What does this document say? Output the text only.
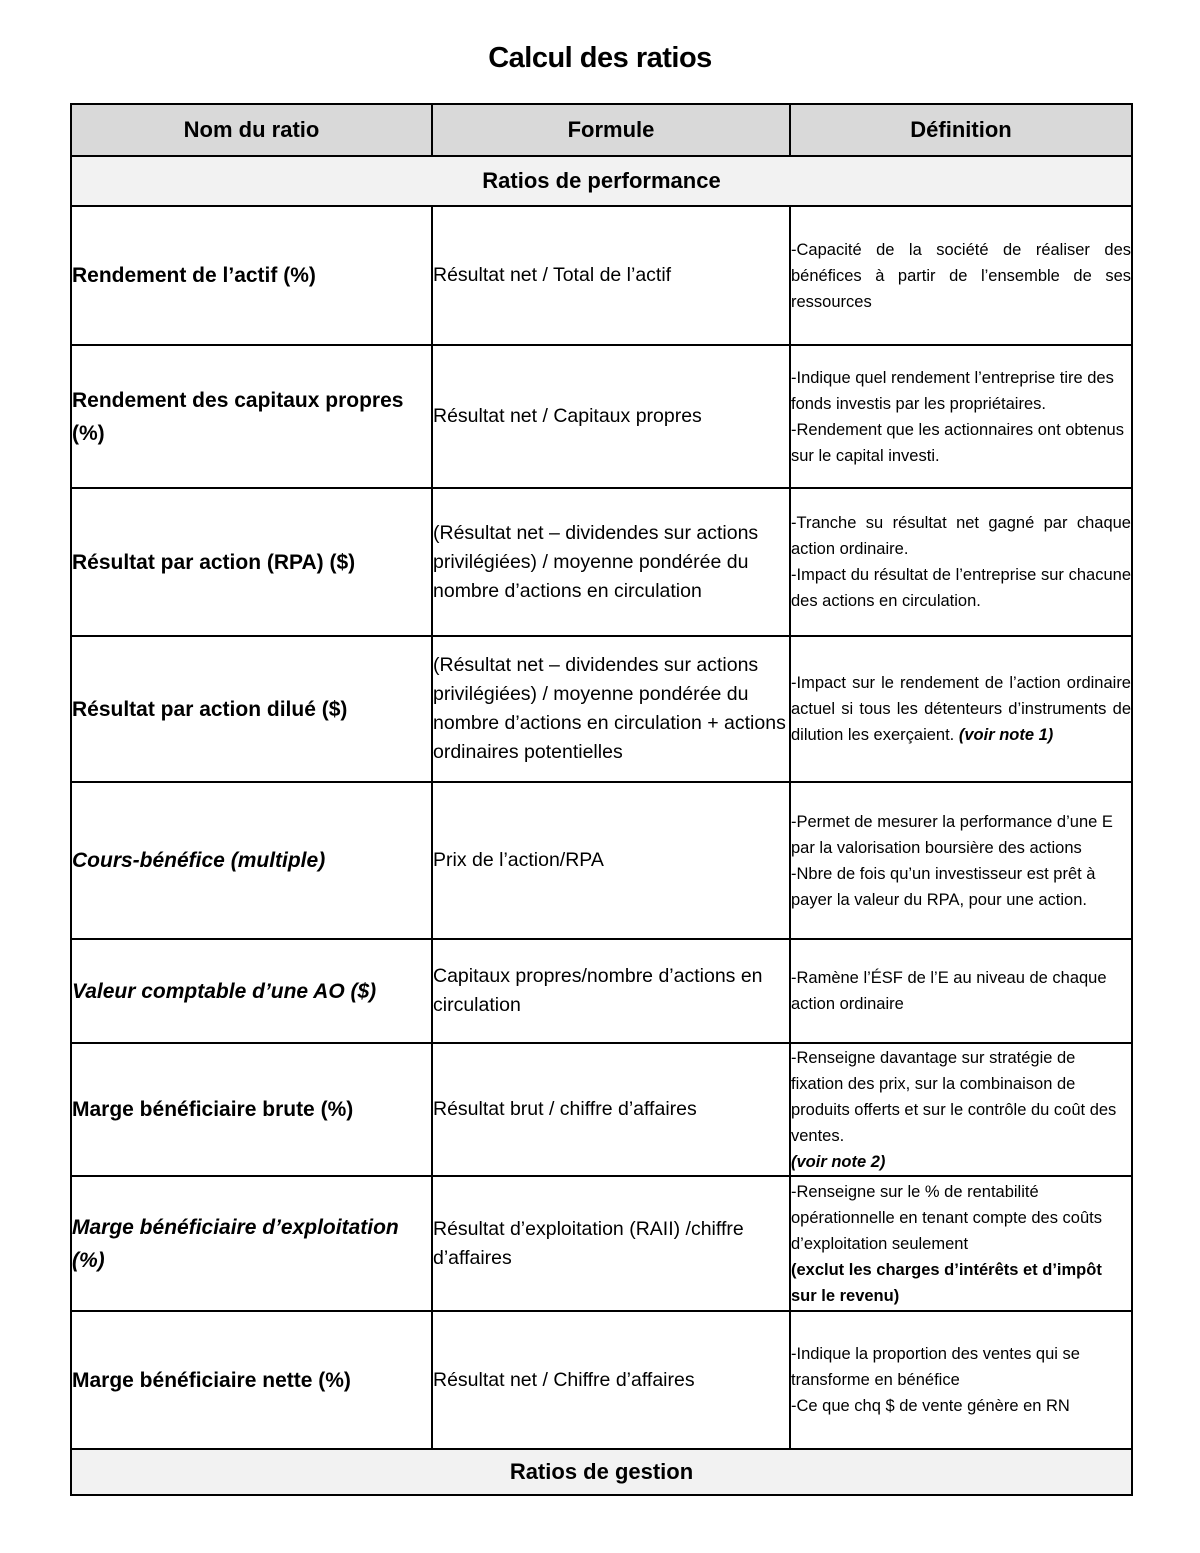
Calcul des ratios
Nom du ratio	Formule	Définition
Ratios de performance		
Rendement de l’actif (%)	Résultat net / Total de l’actif	-Capacité de la société de réaliser des bénéfices à partir de l’ensemble de ses ressources

Rendement des capitaux propres (%)	Résultat net / Capitaux propres	-Indique quel rendement l’entreprise tire des fonds investis par les propriétaires.
-Rendement que les actionnaires ont obtenus sur le capital investi.

Résultat par action (RPA) ($)	(Résultat net – dividendes sur actions privilégiées) / moyenne pondérée du nombre d’actions en circulation	-Tranche su résultat net gagné par chaque action ordinaire.
-Impact du résultat de l’entreprise sur chacune des actions en circulation.

Résultat par action dilué ($)	(Résultat net – dividendes sur actions privilégiées) / moyenne pondérée du nombre d’actions en circulation + actions ordinaires potentielles	-Impact sur le rendement de l’action ordinaire actuel si tous les détenteurs d’instruments de dilution les exerçaient. (voir note 1)
Cours-bénéfice (multiple)	Prix de l’action/RPA	-Permet de mesurer la performance d’une E par la valorisation boursière des actions
-Nbre de fois qu’un investisseur est prêt à payer la valeur du RPA, pour une action.

Valeur comptable d’une AO ($)	Capitaux propres/nombre d’actions en circulation	-Ramène l’ÉSF de l’E au niveau de chaque action ordinaire

Marge bénéficiaire brute (%)	Résultat brut / chiffre d’affaires	-Renseigne davantage sur stratégie de fixation des prix, sur la combinaison de produits offerts et sur le contrôle du coût des ventes.
(voir note 2)

Marge bénéficiaire d’exploitation (%)	Résultat d’exploitation (RAII) /chiffre d’affaires	-Renseigne sur le % de rentabilité opérationnelle en tenant compte des coûts d’exploitation seulement
(exclut les charges d’intérêts et d’impôt sur le revenu)

Marge bénéficiaire nette (%)	Résultat net / Chiffre d’affaires	-Indique la proportion des ventes qui se transforme en bénéfice
-Ce que chq $ de vente génère en RN

Ratios de gestion		
